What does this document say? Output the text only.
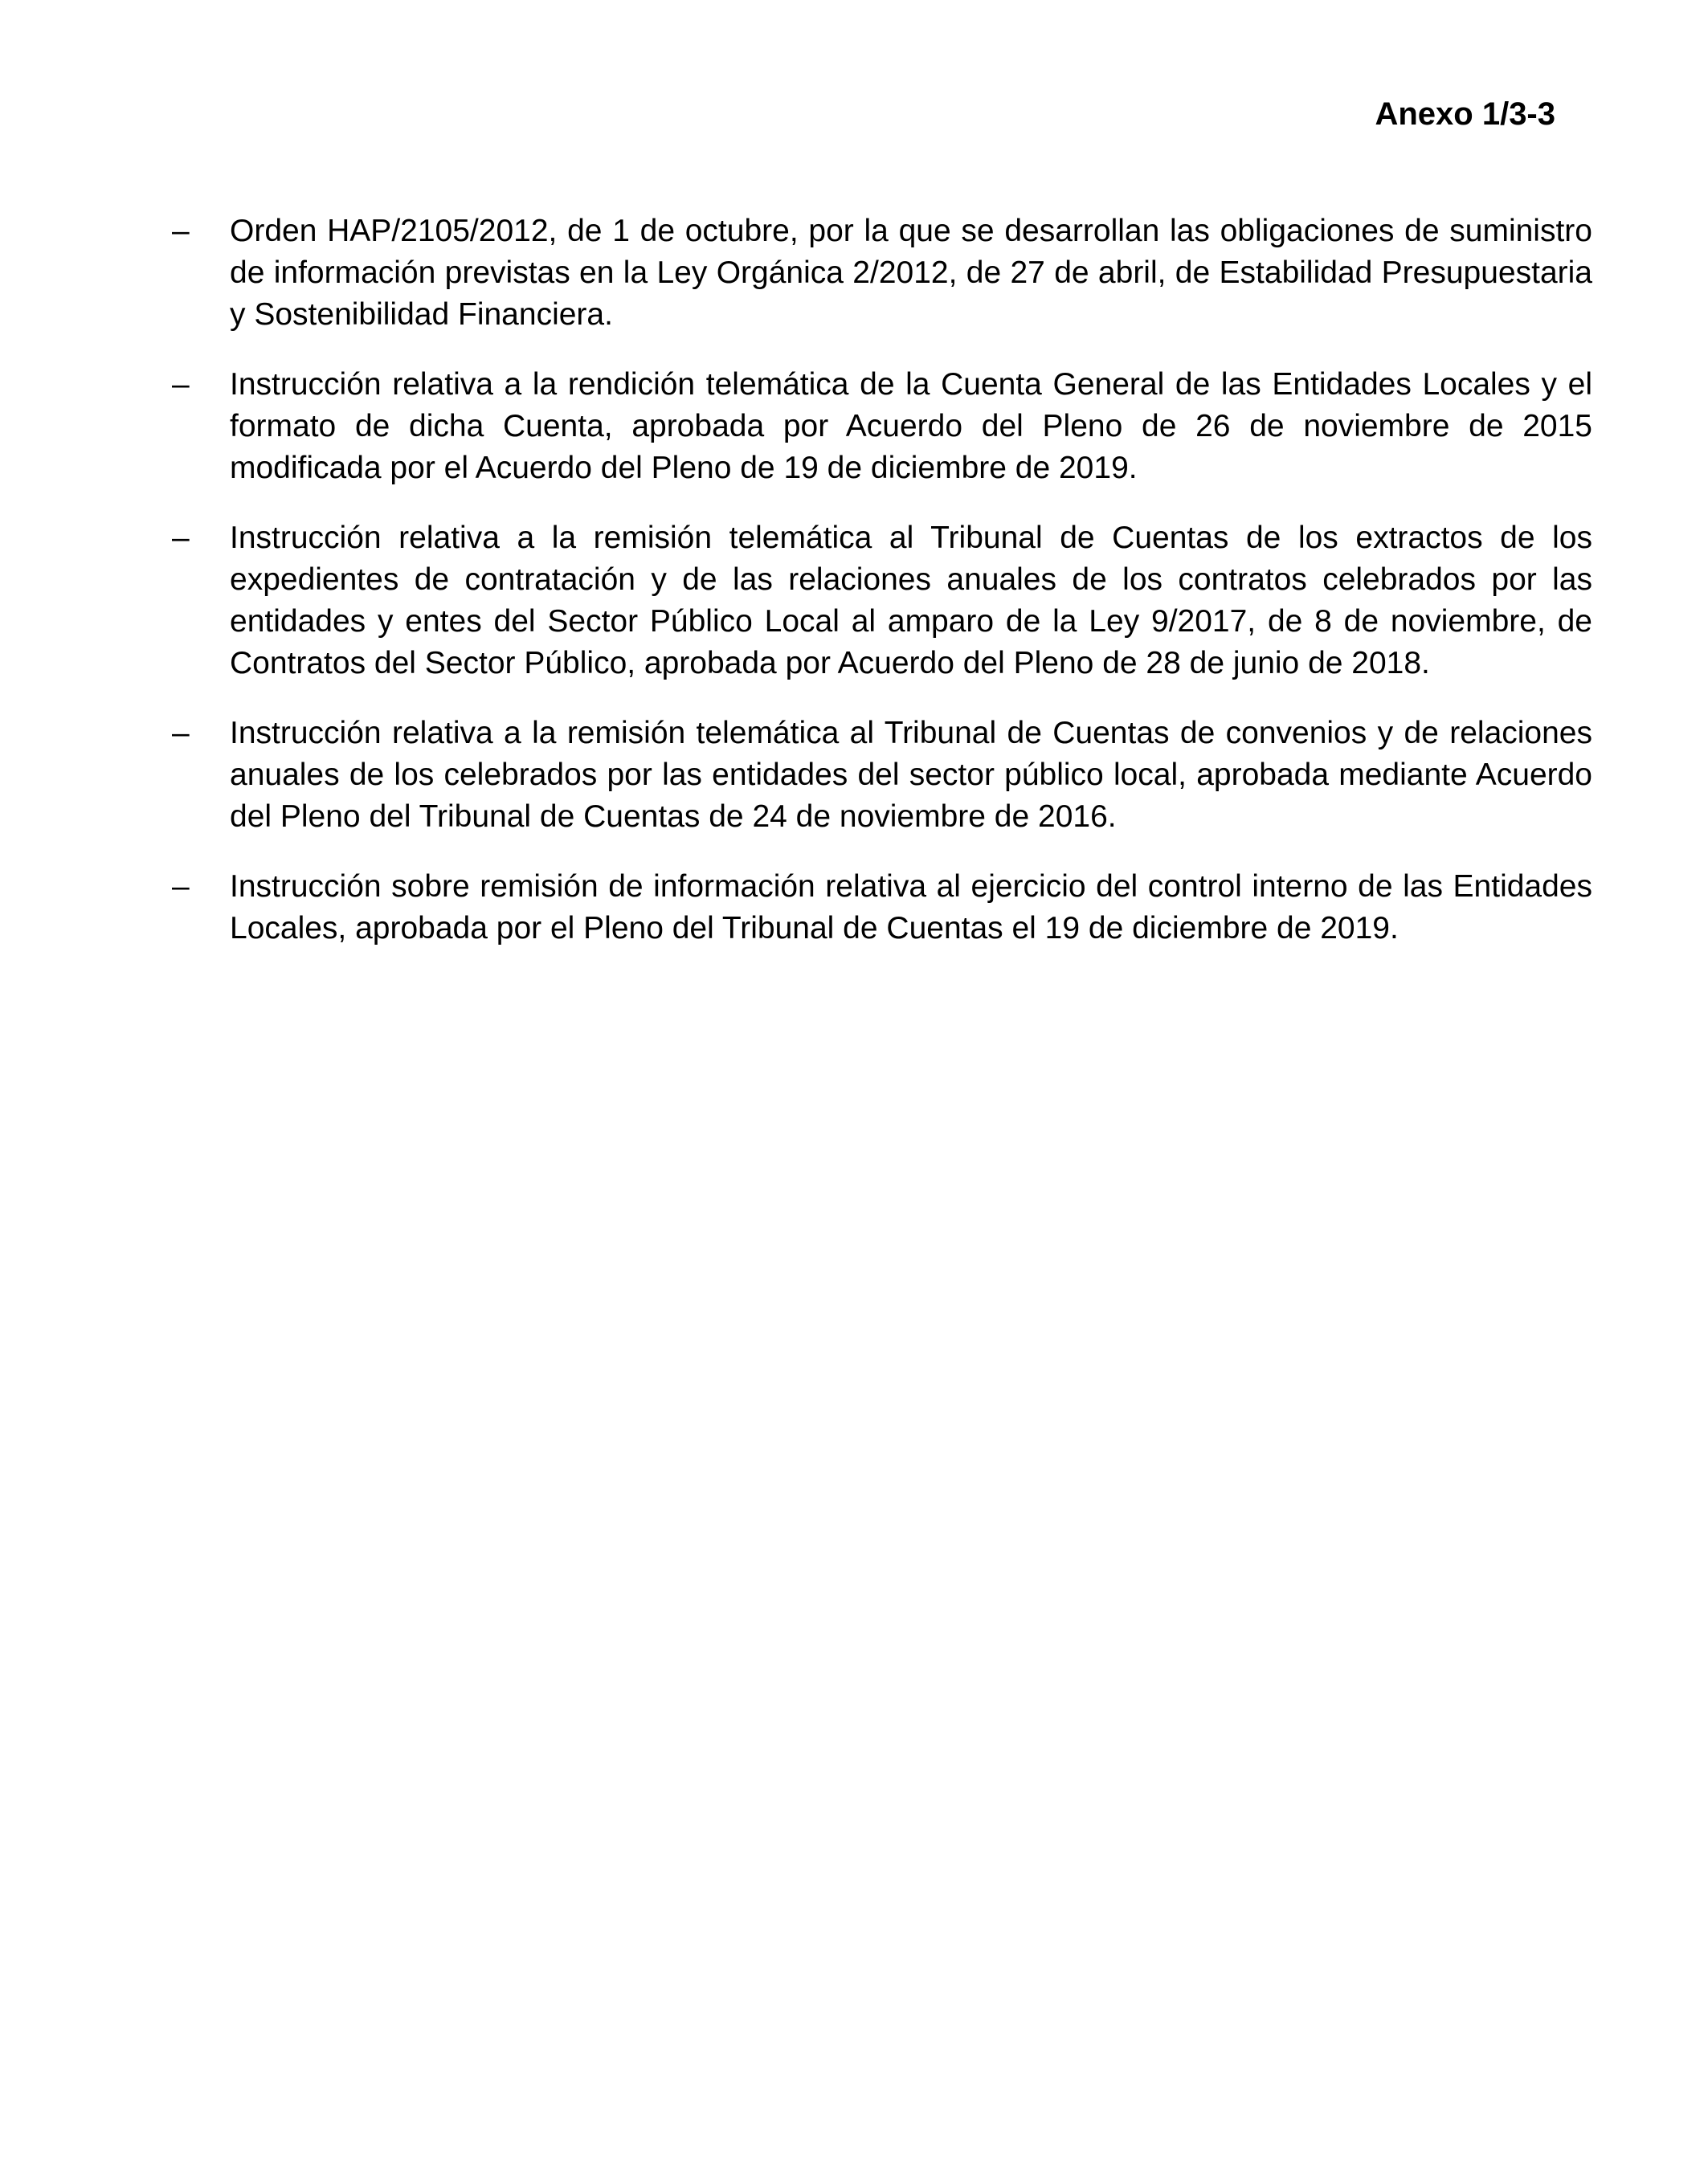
Anexo 1/3-3
– Orden HAP/2105/2012, de 1 de octubre, por la que se desarrollan las obligaciones de suministro de información previstas en la Ley Orgánica 2/2012, de 27 de abril, de Estabilidad Presupuestaria y Sostenibilidad Financiera.
– Instrucción relativa a la rendición telemática de la Cuenta General de las Entidades Locales y el formato de dicha Cuenta, aprobada por Acuerdo del Pleno de 26 de noviembre de 2015 modificada por el Acuerdo del Pleno de 19 de diciembre de 2019.
– Instrucción relativa a la remisión telemática al Tribunal de Cuentas de los extractos de los expedientes de contratación y de las relaciones anuales de los contratos celebrados por las entidades y entes del Sector Público Local al amparo de la Ley 9/2017, de 8 de noviembre, de Contratos del Sector Público, aprobada por Acuerdo del Pleno de 28 de junio de 2018.
– Instrucción relativa a la remisión telemática al Tribunal de Cuentas de convenios y de relaciones anuales de los celebrados por las entidades del sector público local, aprobada mediante Acuerdo del Pleno del Tribunal de Cuentas de 24 de noviembre de 2016.
– Instrucción sobre remisión de información relativa al ejercicio del control interno de las Entidades Locales, aprobada por el Pleno del Tribunal de Cuentas el 19 de diciembre de 2019.
